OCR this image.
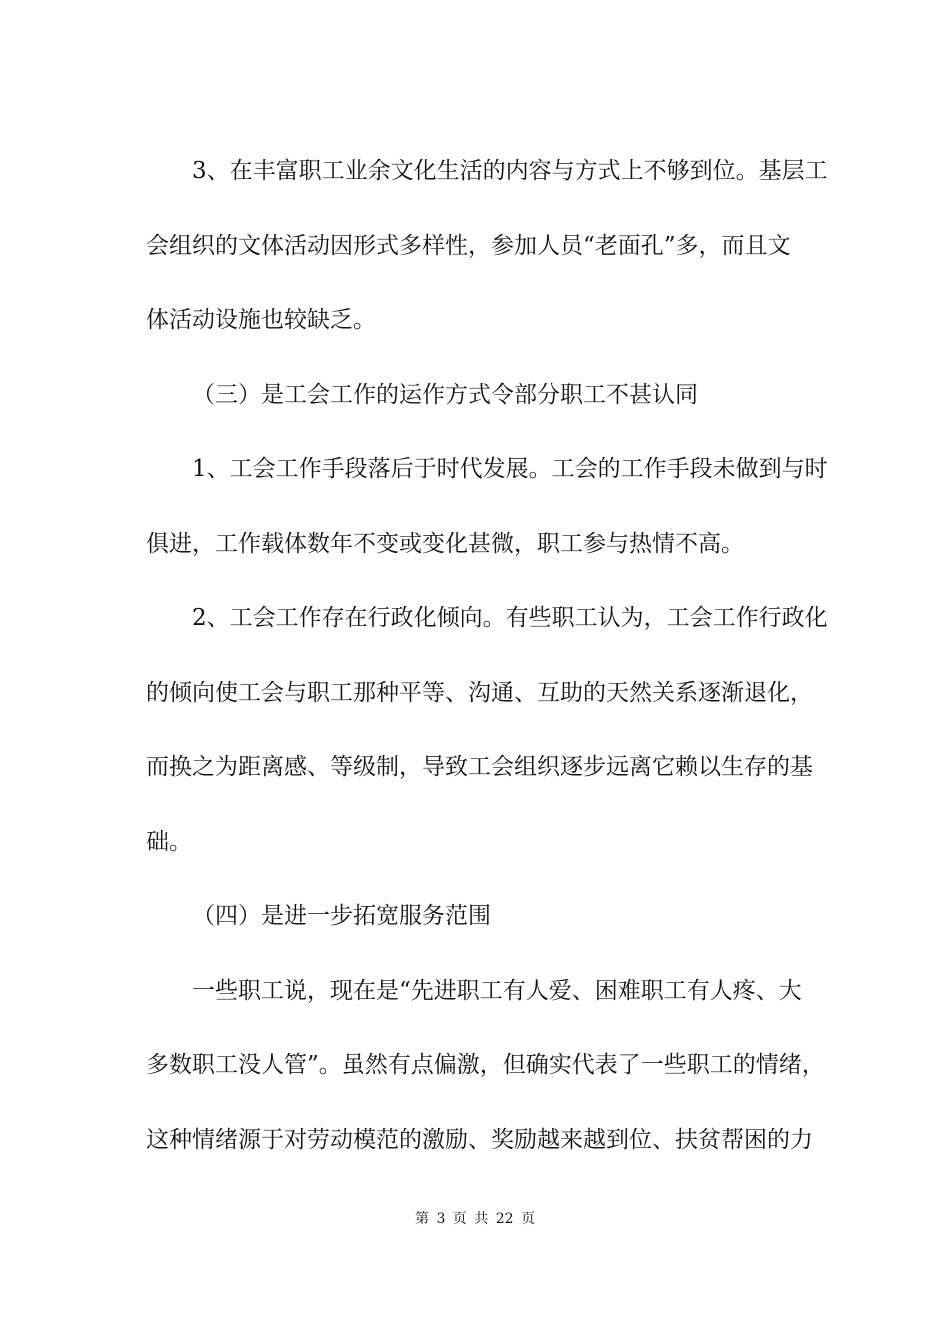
3、在丰富职工业余文化生活的内容与方式上不够到位。基层工

会组织的文体活动因形式多样性，参加人员“老面孔”多，而且文

体活动设施也较缺乏。

（三）是工会工作的运作方式令部分职工不甚认同

1、工会工作手段落后于时代发展。工会的工作手段未做到与时

俱进，工作载体数年不变或变化甚微，职工参与热情不高。

2、工会工作存在行政化倾向。有些职工认为，工会工作行政化

的倾向使工会与职工那种平等、沟通、互助的天然关系逐渐退化，

而换之为距离感、等级制，导致工会组织逐步远离它赖以生存的基

础。

（四）是进一步拓宽服务范围

一些职工说，现在是“先进职工有人爱、困难职工有人疼、大

多数职工没人管”。虽然有点偏激，但确实代表了一些职工的情绪，

这种情绪源于对劳动模范的激励、奖励越来越到位、扶贫帮困的力

第 3 页 共 22 页
